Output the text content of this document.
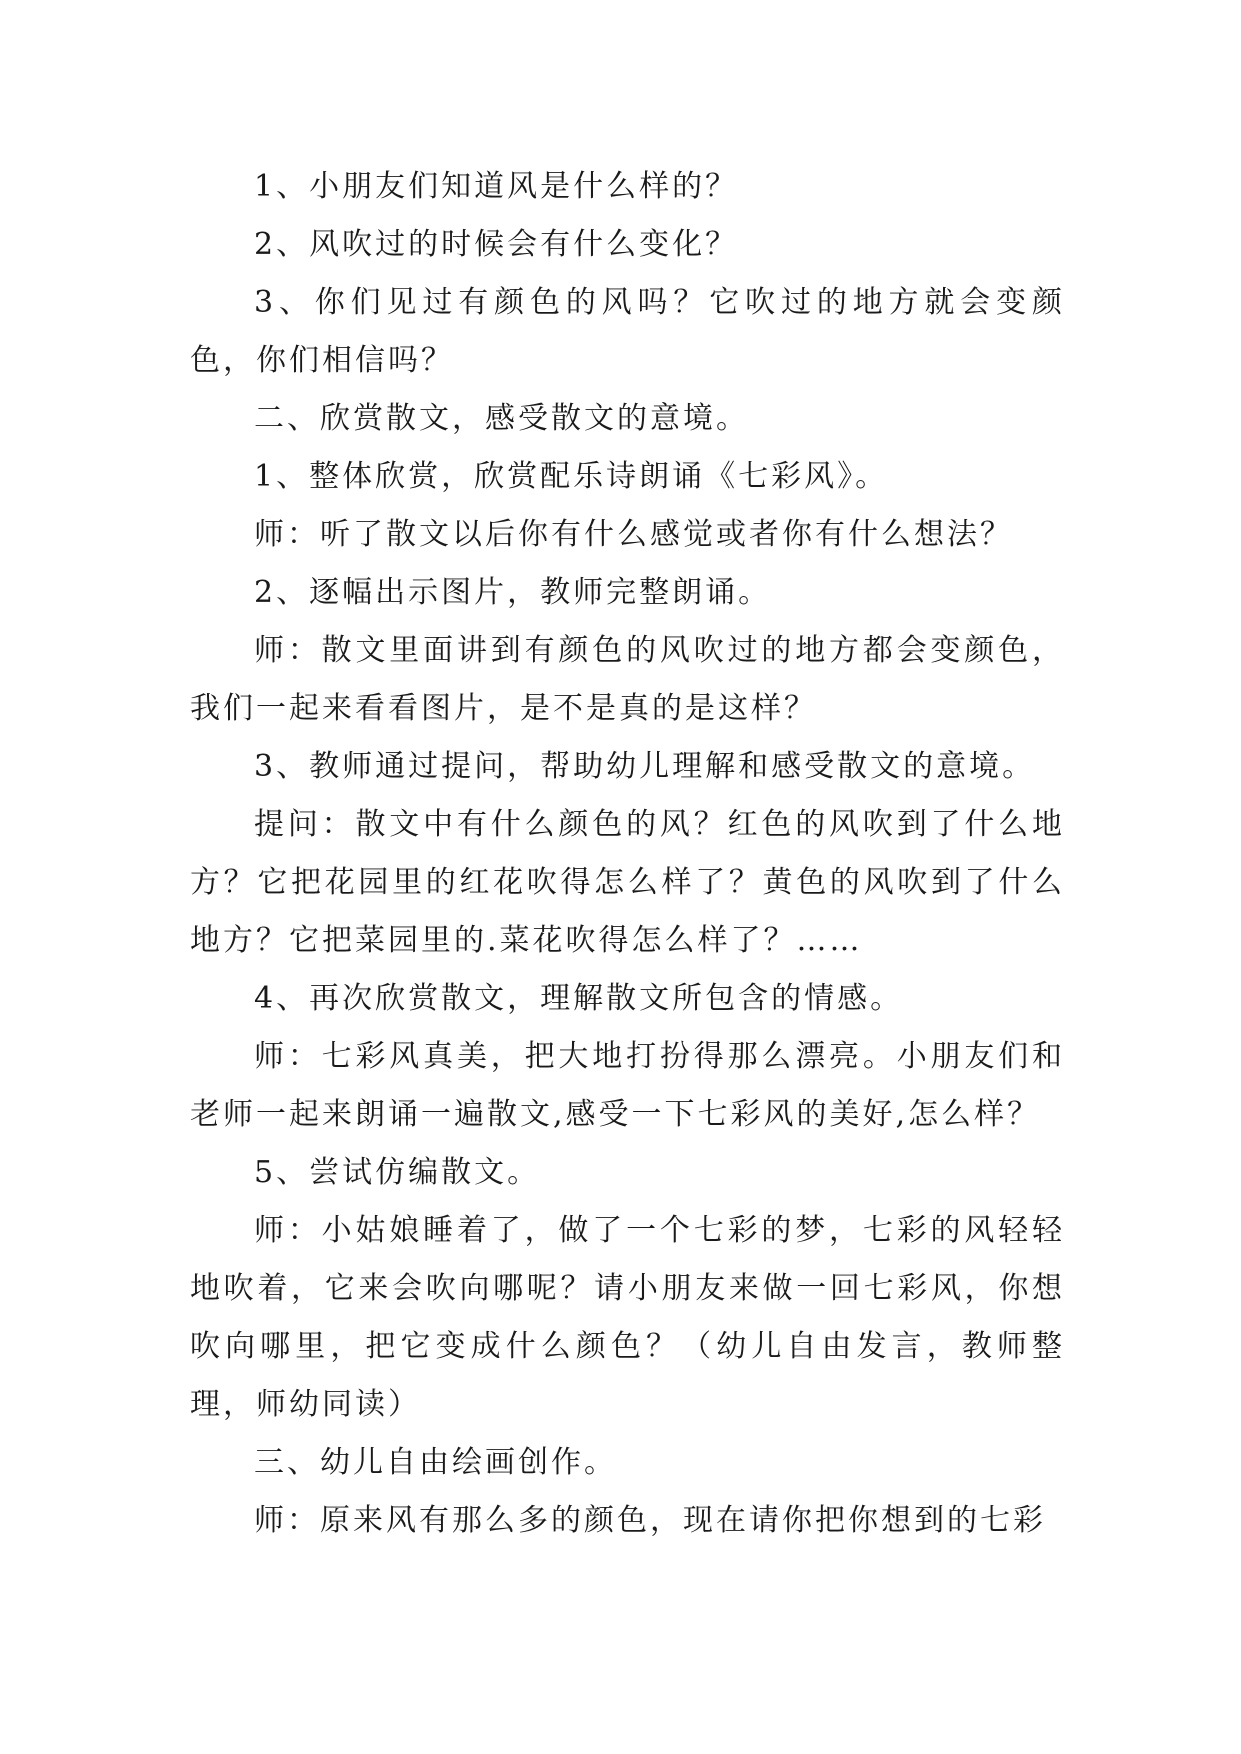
1、小朋友们知道风是什么样的？

2、风吹过的时候会有什么变化？

3、你们见过有颜色的风吗？它吹过的地方就会变颜色，你们相信吗？

二、欣赏散文，感受散文的意境。

1、整体欣赏，欣赏配乐诗朗诵《七彩风》。

师：听了散文以后你有什么感觉或者你有什么想法？

2、逐幅出示图片，教师完整朗诵。

师：散文里面讲到有颜色的风吹过的地方都会变颜色，我们一起来看看图片，是不是真的是这样？

3、教师通过提问，帮助幼儿理解和感受散文的意境。

提问：散文中有什么颜色的风？红色的风吹到了什么地方？它把花园里的红花吹得怎么样了？黄色的风吹到了什么地方？它把菜园里的.菜花吹得怎么样了？……

4、再次欣赏散文，理解散文所包含的情感。

师：七彩风真美，把大地打扮得那么漂亮。小朋友们和老师一起来朗诵一遍散文,感受一下七彩风的美好,怎么样？

5、尝试仿编散文。

师：小姑娘睡着了，做了一个七彩的梦，七彩的风轻轻地吹着，它来会吹向哪呢？请小朋友来做一回七彩风，你想吹向哪里，把它变成什么颜色？（幼儿自由发言，教师整理，师幼同读）

三、幼儿自由绘画创作。

师：原来风有那么多的颜色，现在请你把你想到的七彩
